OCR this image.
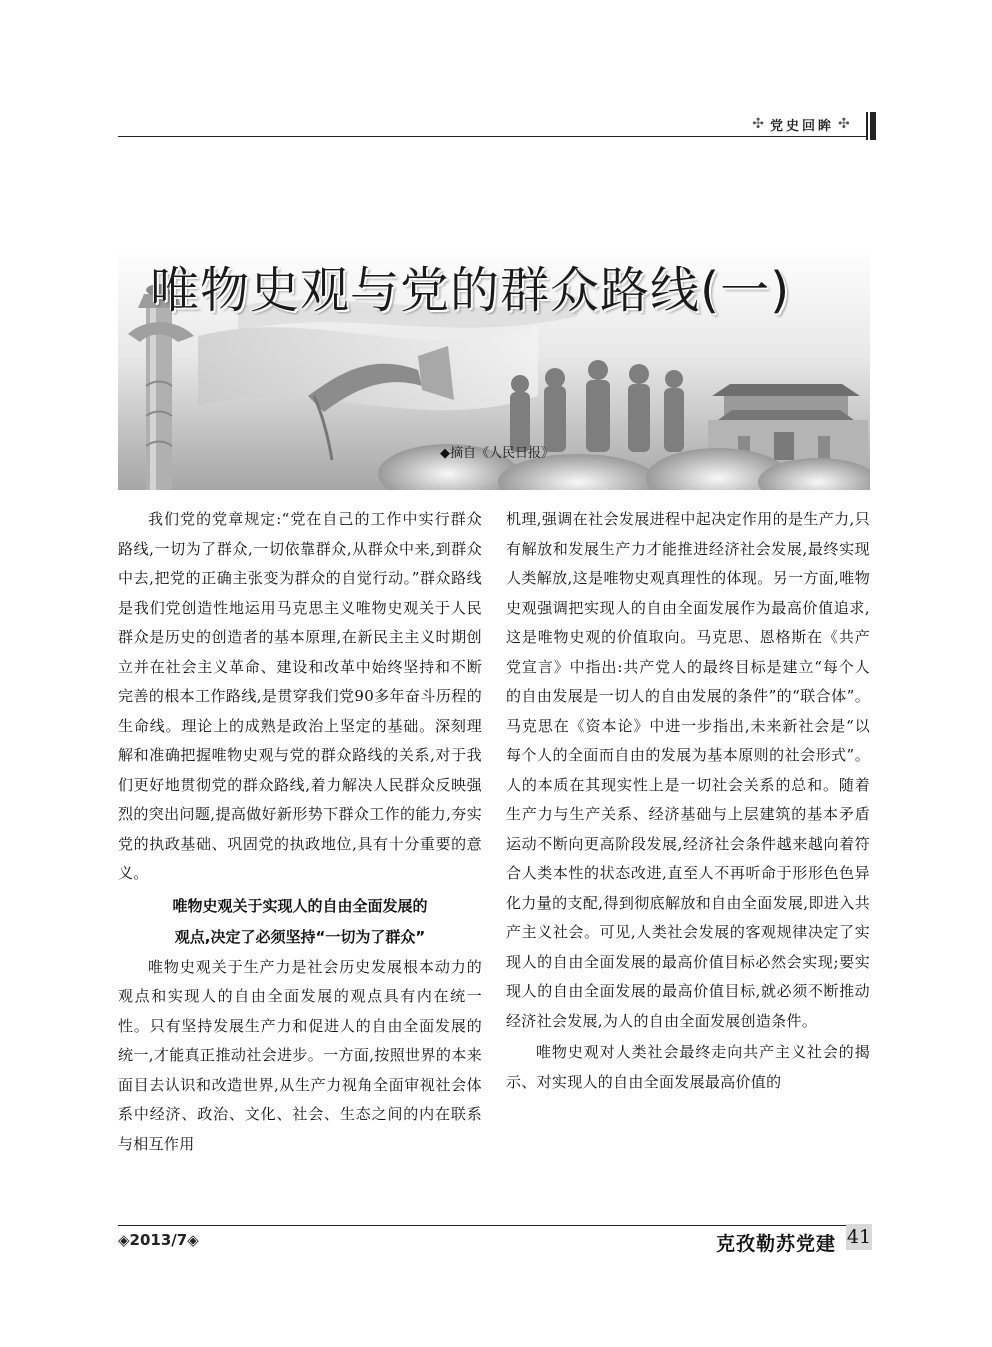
✣ 党史回眸 ✣
唯物史观与党的群众路线(一)
◆摘自《人民日报》

我们党的党章规定:“党在自己的工作中实行群众路线,一切为了群众,一切依靠群众,从群众中来,到群众中去,把党的正确主张变为群众的自觉行动。”群众路线是我们党创造性地运用马克思主义唯物史观关于人民群众是历史的创造者的基本原理,在新民主主义时期创立并在社会主义革命、建设和改革中始终坚持和不断完善的根本工作路线,是贯穿我们党90多年奋斗历程的生命线。理论上的成熟是政治上坚定的基础。深刻理解和准确把握唯物史观与党的群众路线的关系,对于我们更好地贯彻党的群众路线,着力解决人民群众反映强烈的突出问题,提高做好新形势下群众工作的能力,夯实党的执政基础、巩固党的执政地位,具有十分重要的意义。

唯物史观关于实现人的自由全面发展的
观点,决定了必须坚持“一切为了群众”

唯物史观关于生产力是社会历史发展根本动力的观点和实现人的自由全面发展的观点具有内在统一性。只有坚持发展生产力和促进人的自由全面发展的统一,才能真正推动社会进步。一方面,按照世界的本来面目去认识和改造世界,从生产力视角全面审视社会体系中经济、政治、文化、社会、生态之间的内在联系与相互作用

机理,强调在社会发展进程中起决定作用的是生产力,只有解放和发展生产力才能推进经济社会发展,最终实现人类解放,这是唯物史观真理性的体现。另一方面,唯物史观强调把实现人的自由全面发展作为最高价值追求,这是唯物史观的价值取向。马克思、恩格斯在《共产党宣言》中指出:共产党人的最终目标是建立“每个人的自由发展是一切人的自由发展的条件”的“联合体”。马克思在《资本论》中进一步指出,未来新社会是“以每个人的全面而自由的发展为基本原则的社会形式”。人的本质在其现实性上是一切社会关系的总和。随着生产力与生产关系、经济基础与上层建筑的基本矛盾运动不断向更高阶段发展,经济社会条件越来越向着符合人类本性的状态改进,直至人不再听命于形形色色异化力量的支配,得到彻底解放和自由全面发展,即进入共产主义社会。可见,人类社会发展的客观规律决定了实现人的自由全面发展的最高价值目标必然会实现;要实现人的自由全面发展的最高价值目标,就必须不断推动经济社会发展,为人的自由全面发展创造条件。

唯物史观对人类社会最终走向共产主义社会的揭示、对实现人的自由全面发展最高价值的

◈2013/7◈	克孜勒苏党建 41
